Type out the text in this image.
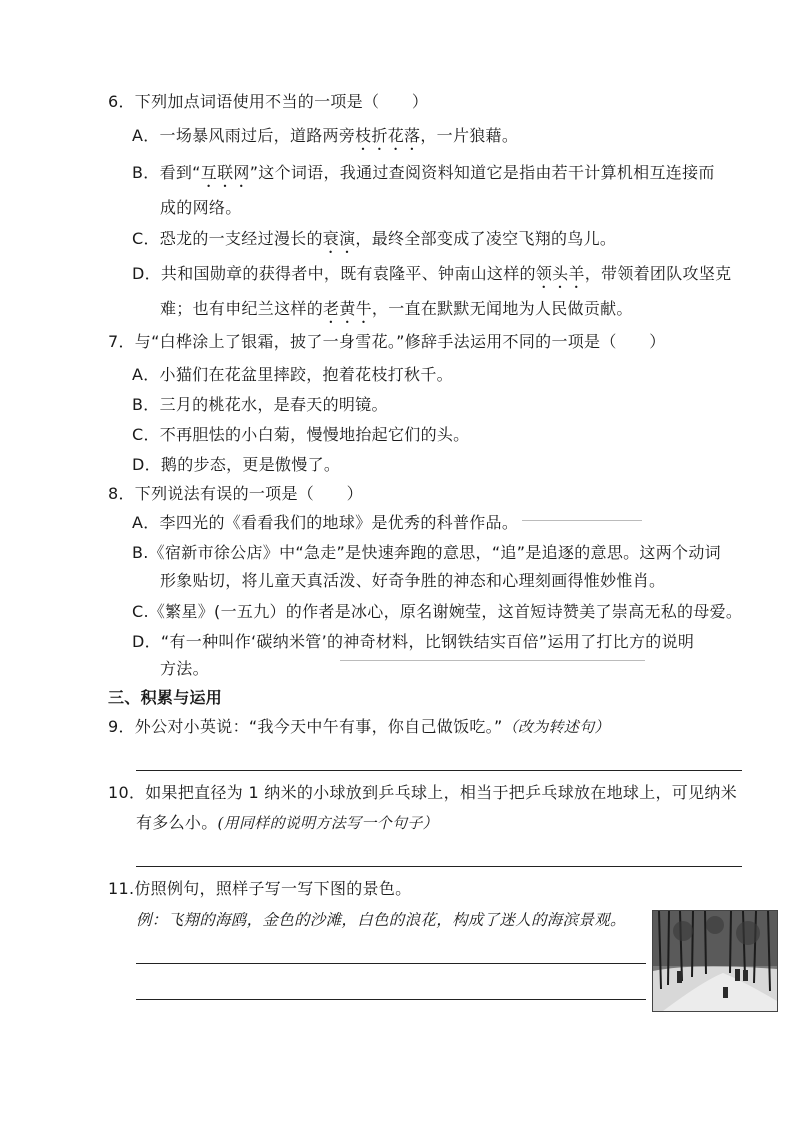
6．下列加点词语使用不当的一项是（　　）
A．一场暴风雨过后，道路两旁枝折花落，一片狼藉。
B．看到“互联网”这个词语，我通过查阅资料知道它是指由若干计算机相互连接而
成的网络。
C．恐龙的一支经过漫长的衰演，最终全部变成了凌空飞翔的鸟儿。
D．共和国勋章的获得者中，既有袁隆平、钟南山这样的领头羊，带领着团队攻坚克
难；也有申纪兰这样的老黄牛，一直在默默无闻地为人民做贡献。
7．与“白桦涂上了银霜，披了一身雪花。”修辞手法运用不同的一项是（　　）
A．小猫们在花盆里摔跤，抱着花枝打秋千。
B．三月的桃花水，是春天的明镜。
C．不再胆怯的小白菊，慢慢地抬起它们的头。
D．鹅的步态，更是傲慢了。
8．下列说法有误的一项是（　　）
A．李四光的《看看我们的地球》是优秀的科普作品。
B.《宿新市徐公店》中“急走”是快速奔跑的意思，“追”是追逐的意思。这两个动词
形象贴切，将儿童天真活泼、好奇争胜的神态和心理刻画得惟妙惟肖。
C.《繁星》(一五九）的作者是冰心，原名谢婉莹，这首短诗赞美了崇高无私的母爱。
D．“有一种叫作‘碳纳米管’的神奇材料，比钢铁结实百倍”运用了打比方的说明
方法。
三、积累与运用
9．外公对小英说：“我今天中午有事，你自己做饭吃。”（改为转述句）
10．如果把直径为 1 纳米的小球放到乒乓球上，相当于把乒乓球放在地球上，可见纳米
有多么小。(用同样的说明方法写一个句子）
11.仿照例句，照样子写一写下图的景色。
例：飞翔的海鸥，金色的沙滩，白色的浪花，构成了迷人的海滨景观。
